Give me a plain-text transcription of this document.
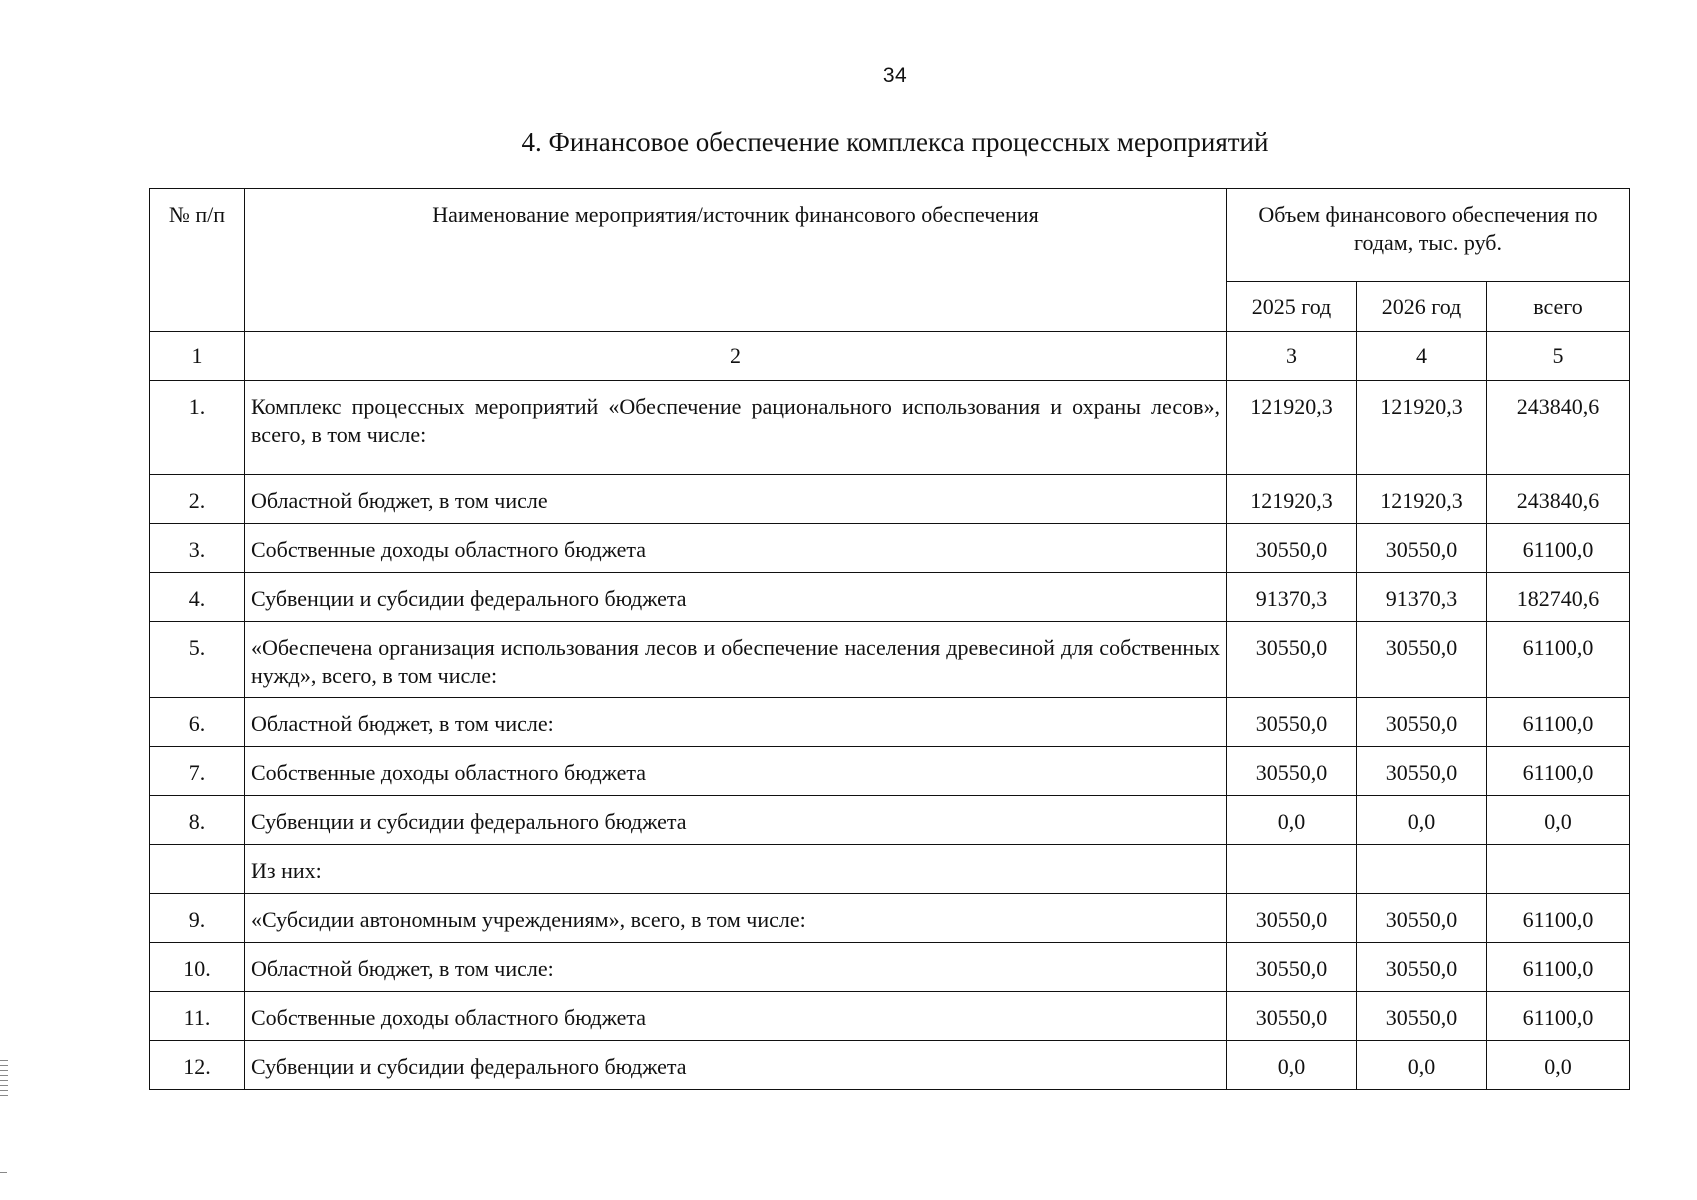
34
4. Финансовое обеспечение комплекса процессных мероприятий
№ п/п	Наименование мероприятия/источник финансового обеспечения	Объем финансового обеспечения по годам, тыс. руб.		
		2025 год	2026 год	всего
1	2	3	4	5
1.	Комплекс процессных мероприятий «Обеспечение рационального использования и охраны лесов», всего, в том числе:	121920,3	121920,3	243840,6
2.	Областной бюджет, в том числе	121920,3	121920,3	243840,6
3.	Собственные доходы областного бюджета	30550,0	30550,0	61100,0
4.	Субвенции и субсидии федерального бюджета	91370,3	91370,3	182740,6
5.	«Обеспечена организация использования лесов и обеспечение населения древесиной для собственных нужд», всего, в том числе:	30550,0	30550,0	61100,0
6.	Областной бюджет, в том числе:	30550,0	30550,0	61100,0
7.	Собственные доходы областного бюджета	30550,0	30550,0	61100,0
8.	Субвенции и субсидии федерального бюджета	0,0	0,0	0,0
	Из них:			
9.	«Субсидии автономным учреждениям», всего, в том числе:	30550,0	30550,0	61100,0
10.	Областной бюджет, в том числе:	30550,0	30550,0	61100,0
11.	Собственные доходы областного бюджета	30550,0	30550,0	61100,0
12.	Субвенции и субсидии федерального бюджета	0,0	0,0	0,0
